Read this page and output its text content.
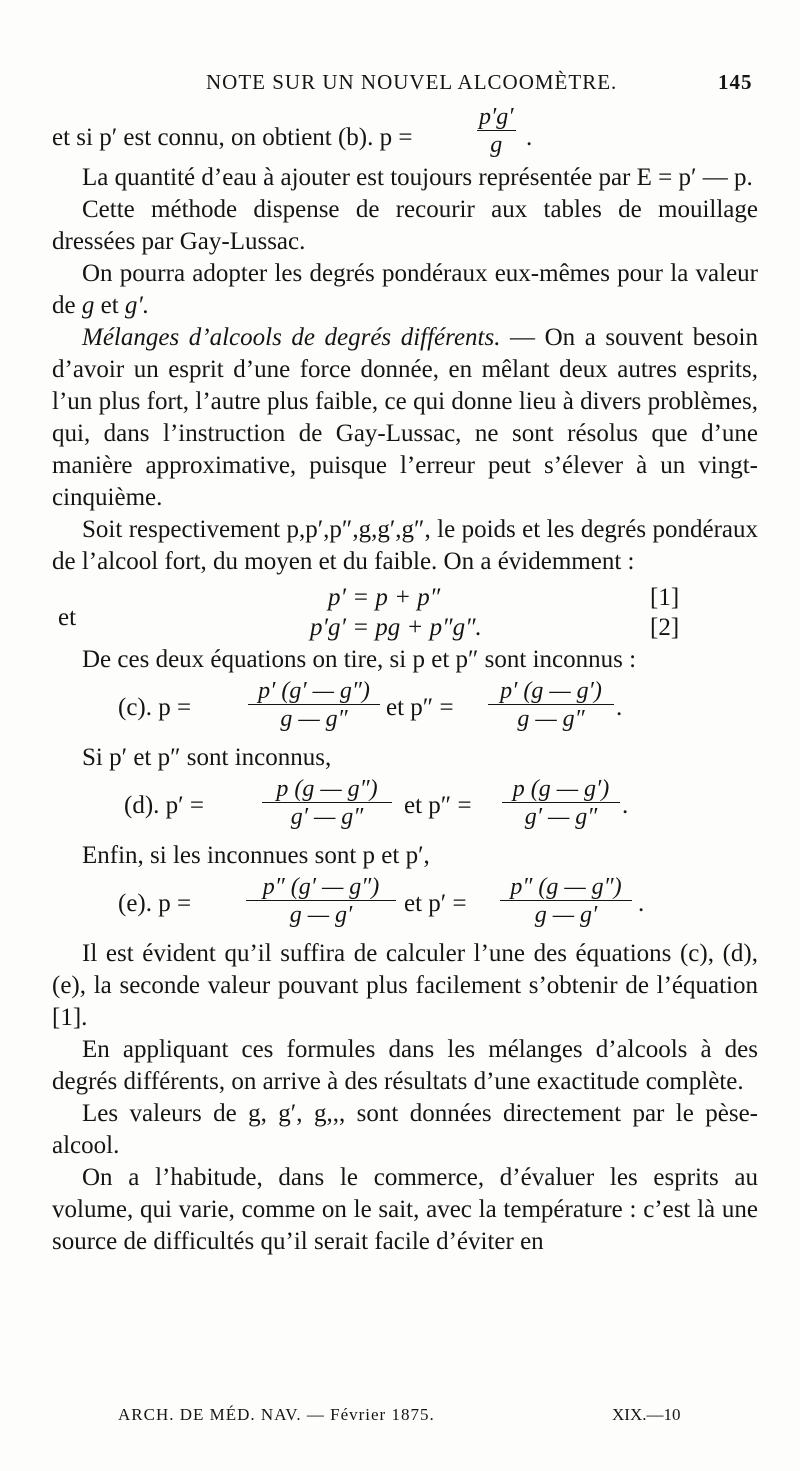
NOTE SUR UN NOUVEL ALCOOMÈTRE.	145
et si p′ est connu, on obtient (b). p =	$\frac{p'g'}{g}$ .

La quantité d’eau à ajouter est toujours représentée par E = p′ — p.

Cette méthode dispense de recourir aux tables de mouillage dressées par Gay-Lussac.

On pourra adopter les degrés pondéraux eux-mêmes pour la valeur de g et g′.

Mélanges d’alcools de degrés différents. — On a souvent besoin d’avoir un esprit d’une force donnée, en mêlant deux autres esprits, l’un plus fort, l’autre plus faible, ce qui donne lieu à divers problèmes, qui, dans l’instruction de Gay-Lussac, ne sont résolus que d’une manière approximative, puisque l’erreur peut s’élever à un vingt-cinquième.

Soit respectivement p,p′,p″,g,g′,g″, le poids et les degrés pondéraux de l’alcool fort, du moyen et du faible. On a évidemment :

p′ = p + p″	[1]
et	p′g′ = pg + p″g″.	[2]

De ces deux équations on tire, si p et p″ sont inconnus :

(c). $p = \frac{p' (g' — g'')}{g — g''}$ et $p'' = \frac{p' (g — g')}{g — g''}$ .

Si p′ et p″ sont inconnus,

(d). $p' = \frac{p (g — g'')}{g' — g''}$ et $p'' = \frac{p (g — g')}{g' — g''}$ .

Enfin, si les inconnues sont p et p′,

(e). $p = \frac{p'' (g' — g'')}{g — g'}$ et $p' = \frac{p'' (g — g'')}{g — g'}$ .

Il est évident qu’il suffira de calculer l’une des équations (c), (d), (e), la seconde valeur pouvant plus facilement s’obtenir de l’équation [1].

En appliquant ces formules dans les mélanges d’alcools à des degrés différents, on arrive à des résultats d’une exactitude complète.

Les valeurs de g, g′, g,,, sont données directement par le pèse-alcool.

On a l’habitude, dans le commerce, d’évaluer les esprits au volume, qui varie, comme on le sait, avec la température : c’est là une source de difficultés qu’il serait facile d’éviter en

ARCH. DE MÉD. NAV. — Février 1875.	XIX.—10
